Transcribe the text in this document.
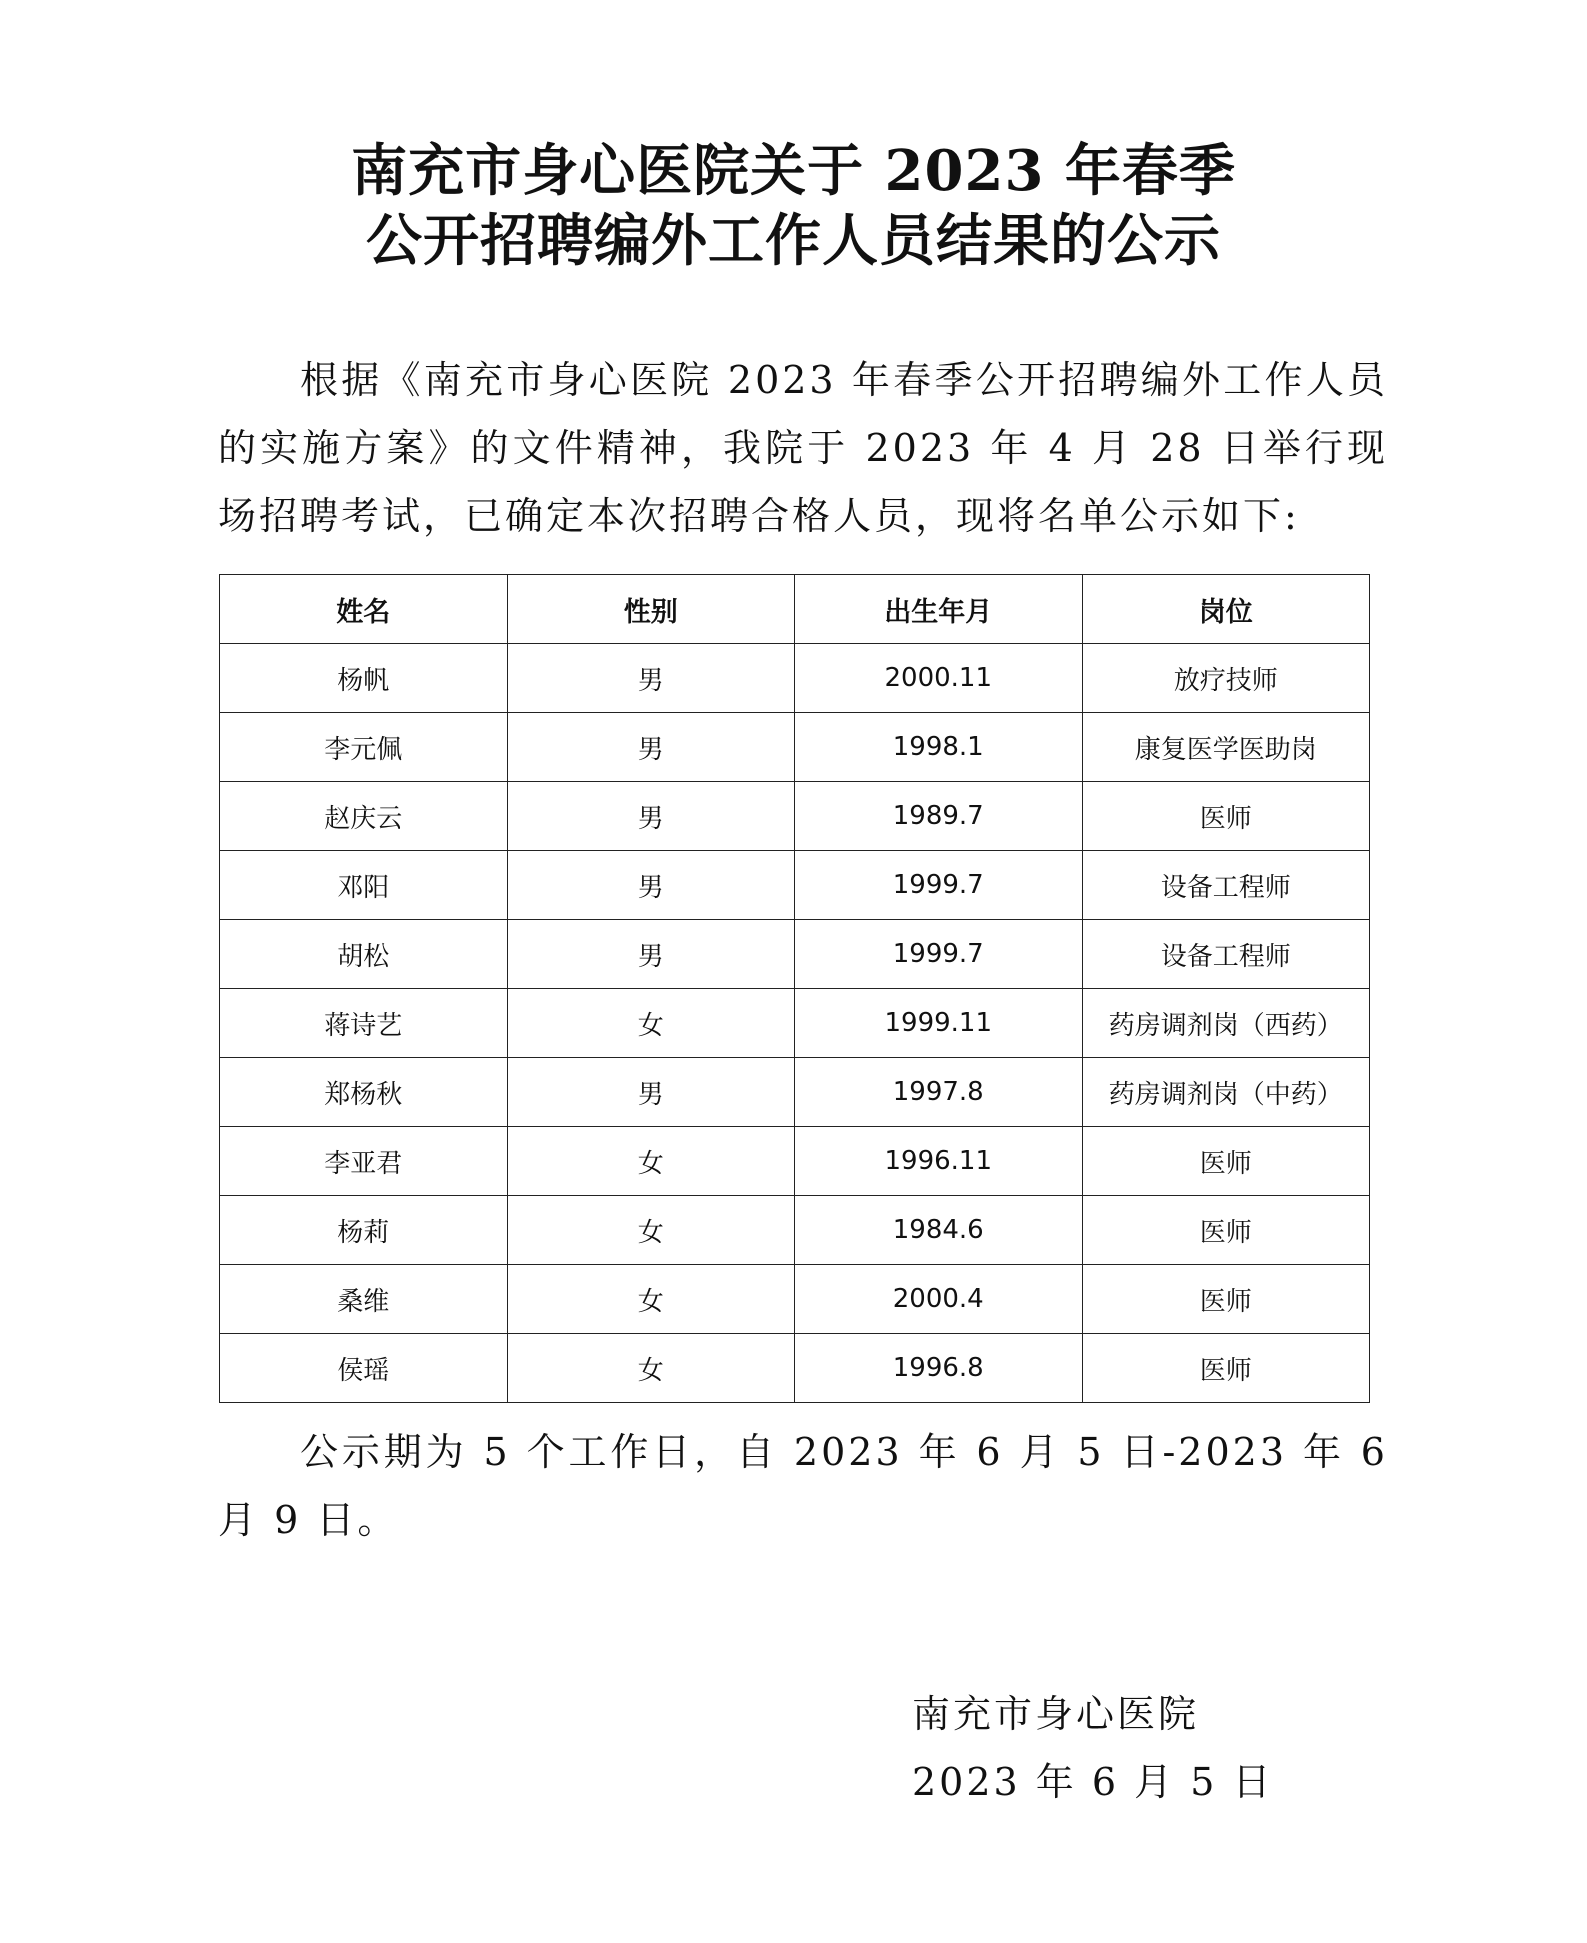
南充市身心医院关于 2023 年春季
公开招聘编外工作人员结果的公示

根据《南充市身心医院 2023 年春季公开招聘编外工作人员的实施方案》的文件精神，我院于 2023 年 4 月 28 日举行现场招聘考试，已确定本次招聘合格人员，现将名单公示如下:

姓名	性别	出生年月	岗位
杨帆	男	2000.11	放疗技师
李元佩	男	1998.1	康复医学医助岗
赵庆云	男	1989.7	医师
邓阳	男	1999.7	设备工程师
胡松	男	1999.7	设备工程师
蒋诗艺	女	1999.11	药房调剂岗（西药）
郑杨秋	男	1997.8	药房调剂岗（中药）
李亚君	女	1996.11	医师
杨莉	女	1984.6	医师
桑维	女	2000.4	医师
侯瑶	女	1996.8	医师

公示期为 5 个工作日，自 2023 年 6 月 5 日-2023 年 6 月 9 日。

南充市身心医院
2023 年 6 月 5 日
